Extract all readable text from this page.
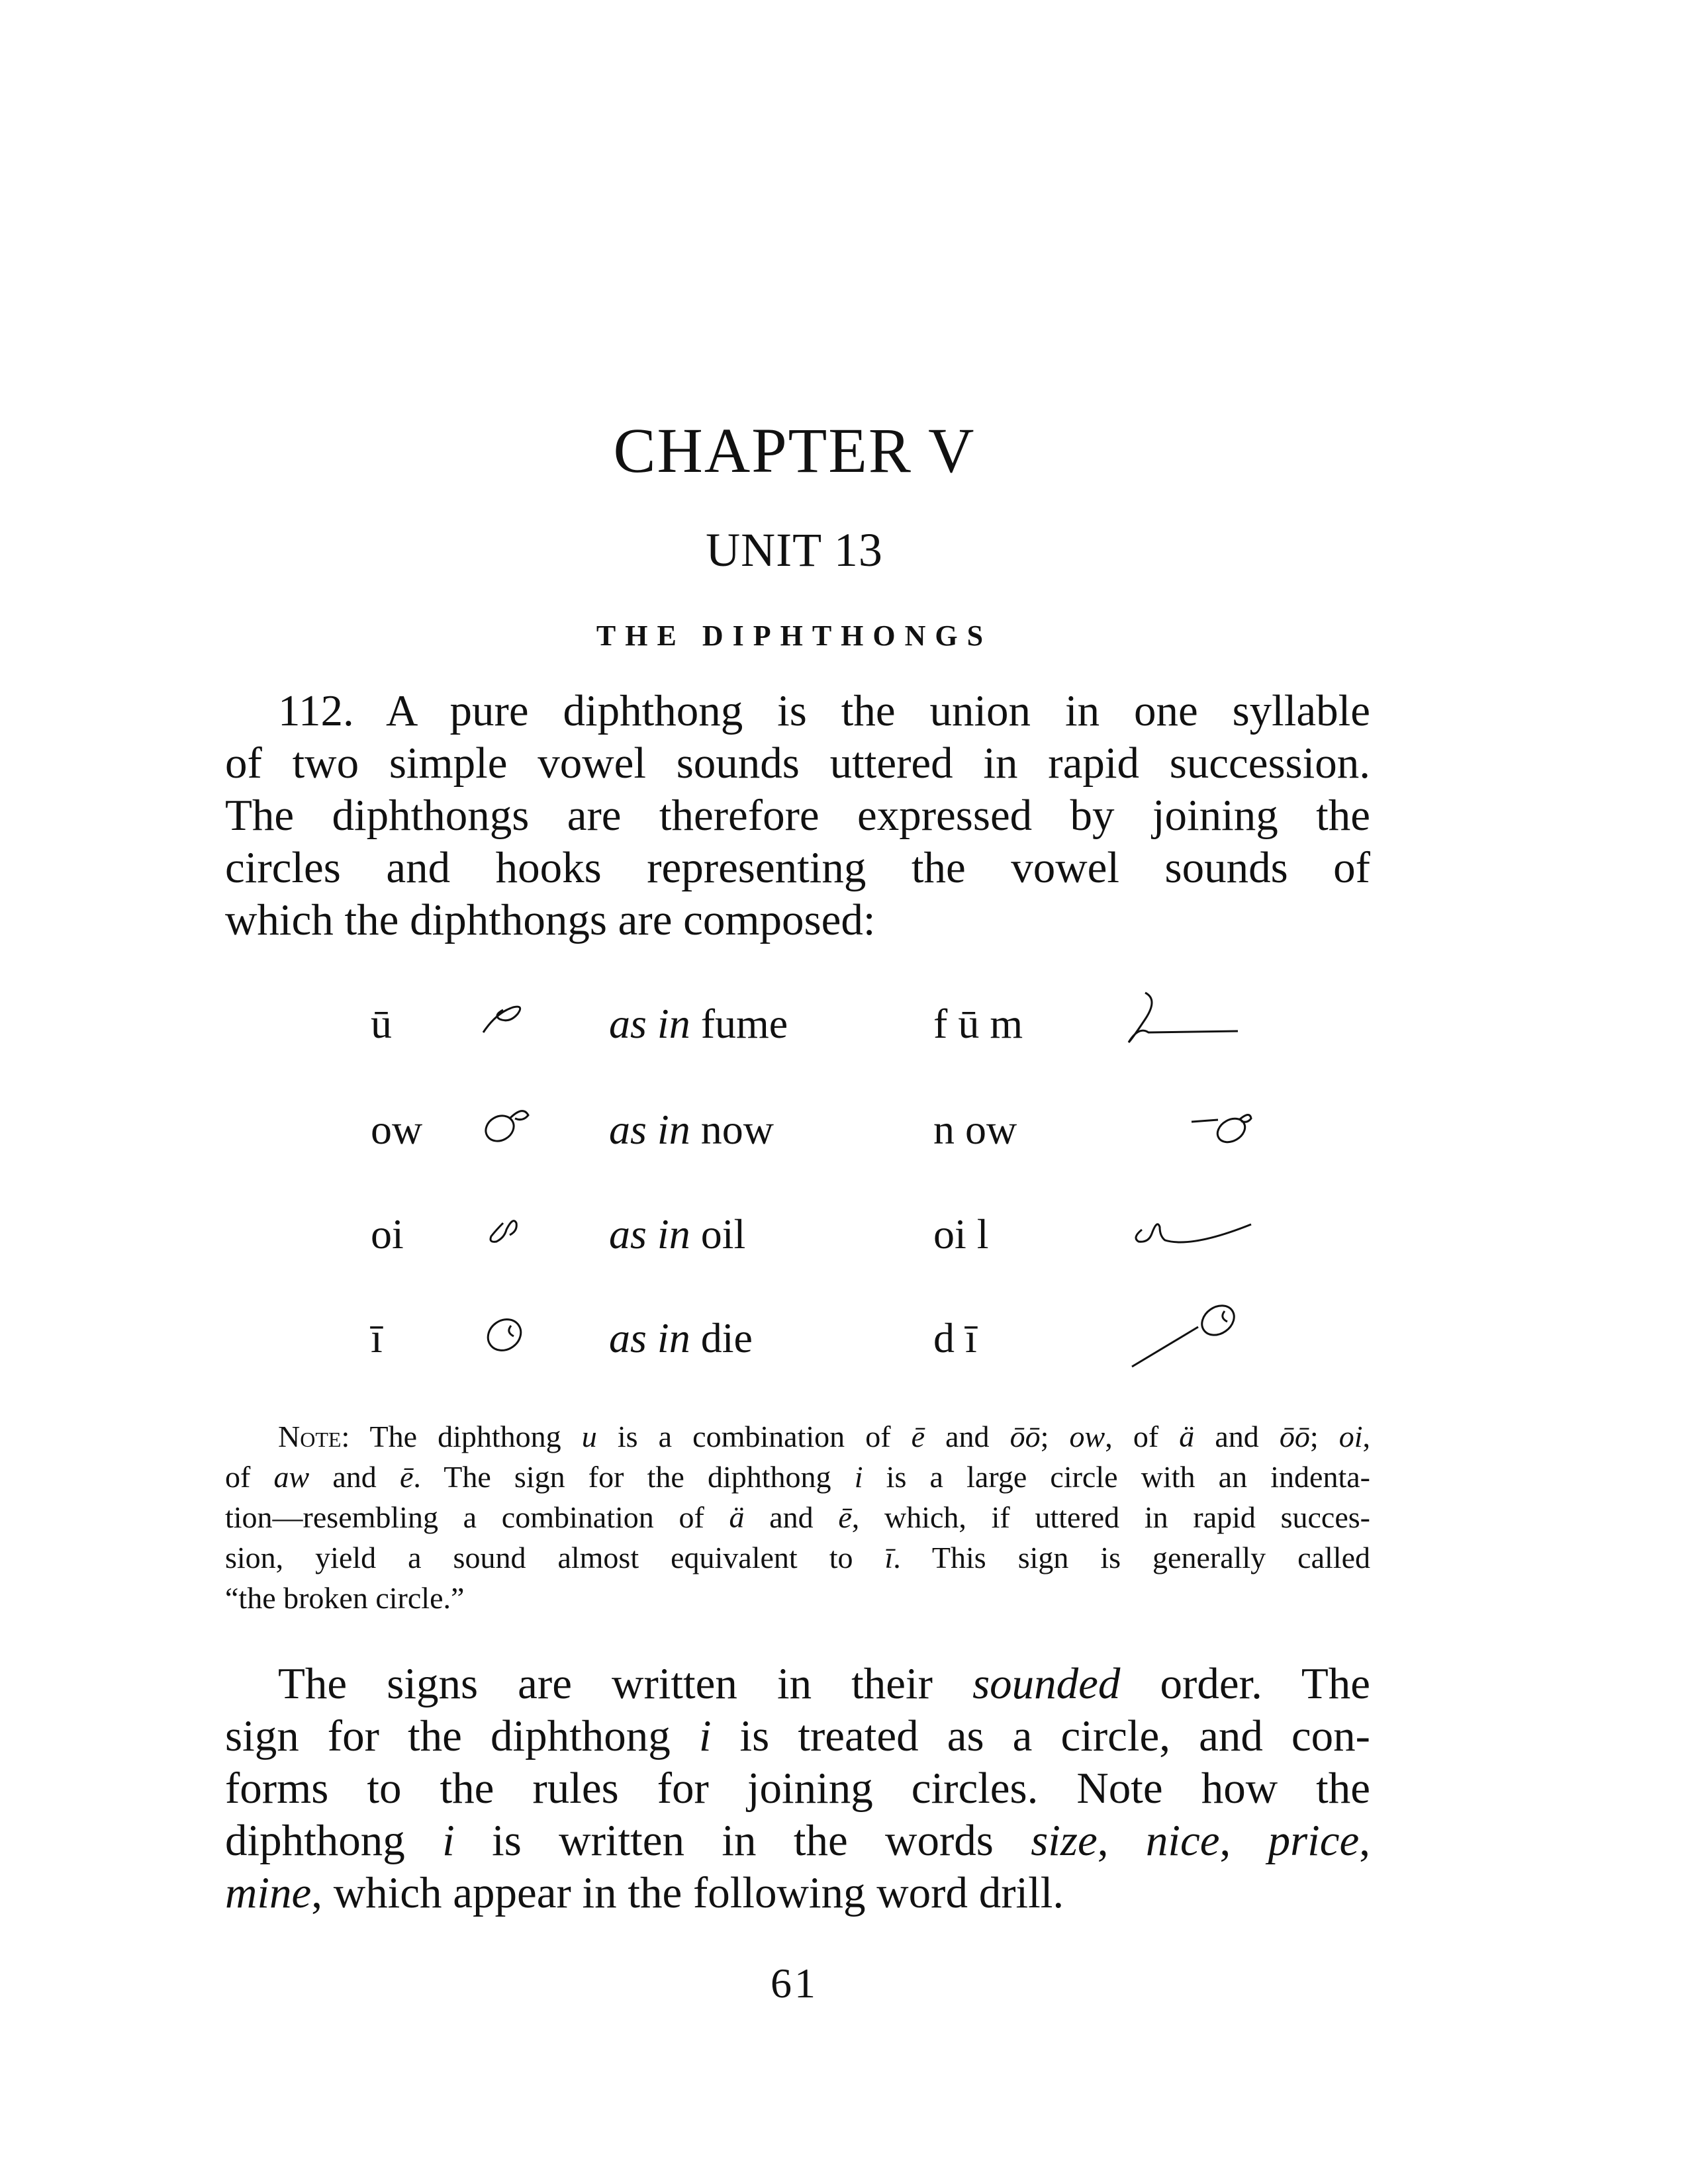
CHAPTER V
UNIT 13
THE DIPHTHONGS
112. A pure diphthong is the union in one syllable
of two simple vowel sounds uttered in rapid succession.
The diphthongs are therefore expressed by joining the
circles and hooks representing the vowel sounds of
which the diphthongs are composed:
ū	as in fume	f ū m
ow	as in now	n ow
oi	as in oil	oi l
ī	as in die	d ī
Note: The diphthong u is a combination of ē and ōō; ow, of ä and ōō; oi,
of aw and ē. The sign for the diphthong i is a large circle with an indenta-
tion—resembling a combination of ä and ē, which, if uttered in rapid succes-
sion, yield a sound almost equivalent to ī. This sign is generally called
“the broken circle.”
The signs are written in their sounded order. The
sign for the diphthong i is treated as a circle, and con-
forms to the rules for joining circles. Note how the
diphthong i is written in the words size, nice, price,
mine, which appear in the following word drill.
61
